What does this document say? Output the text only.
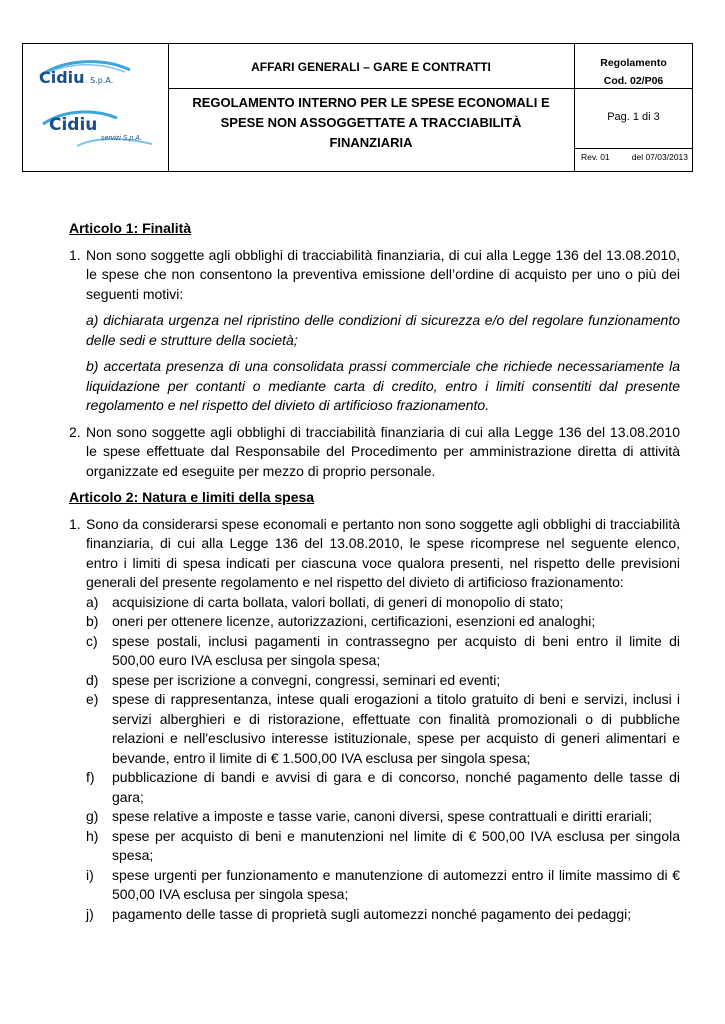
Cidiu S.p.A.
Cidiu
servizi S.p.A.
AFFARI GENERALI – GARE E CONTRATTI
REGOLAMENTO INTERNO PER LE SPESE ECONOMALI E SPESE NON ASSOGGETTATE A TRACCIABILITÀ FINANZIARIA
Regolamento
Cod. 02/P06
Pag. 1 di 3
Rev. 01	del 07/03/2013
Articolo 1: Finalità
1. Non sono soggette agli obblighi di tracciabilità finanziaria, di cui alla Legge 136 del 13.08.2010, le spese che non consentono la preventiva emissione dell’ordine di acquisto per uno o più dei seguenti motivi:
a) dichiarata urgenza nel ripristino delle condizioni di sicurezza e/o del regolare funzionamento delle sedi e strutture della società;
b) accertata presenza di una consolidata prassi commerciale che richiede necessariamente la liquidazione per contanti o mediante carta di credito, entro i limiti consentiti dal presente regolamento e nel rispetto del divieto di artificioso frazionamento.
2. Non sono soggette agli obblighi di tracciabilità finanziaria di cui alla Legge 136 del 13.08.2010 le spese effettuate dal Responsabile del Procedimento per amministrazione diretta di attività organizzate ed eseguite per mezzo di proprio personale.
Articolo 2: Natura e limiti della spesa
1. Sono da considerarsi spese economali e pertanto non sono soggette agli obblighi di tracciabilità finanziaria, di cui alla Legge 136 del 13.08.2010, le spese ricomprese nel seguente elenco, entro i limiti di spesa indicati per ciascuna voce qualora presenti, nel rispetto delle previsioni generali del presente regolamento e nel rispetto del divieto di artificioso frazionamento:
a) acquisizione di carta bollata, valori bollati, di generi di monopolio di stato;
b) oneri per ottenere licenze, autorizzazioni, certificazioni, esenzioni ed analoghi;
c) spese postali, inclusi pagamenti in contrassegno per acquisto di beni entro il limite di 500,00 euro IVA esclusa per singola spesa;
d) spese per iscrizione a convegni, congressi, seminari ed eventi;
e) spese di rappresentanza, intese quali erogazioni a titolo gratuito di beni e servizi, inclusi i servizi alberghieri e di ristorazione, effettuate con finalità promozionali o di pubbliche relazioni e nell'esclusivo interesse istituzionale, spese per acquisto di generi alimentari e bevande, entro il limite di € 1.500,00 IVA esclusa per singola spesa;
f) pubblicazione di bandi e avvisi di gara e di concorso, nonché pagamento delle tasse di gara;
g) spese relative a imposte e tasse varie, canoni diversi, spese contrattuali e diritti erariali;
h) spese per acquisto di beni e manutenzioni nel limite di € 500,00 IVA esclusa per singola spesa;
i) spese urgenti per funzionamento e manutenzione di automezzi entro il limite massimo di € 500,00 IVA esclusa per singola spesa;
j) pagamento delle tasse di proprietà sugli automezzi nonché pagamento dei pedaggi;
